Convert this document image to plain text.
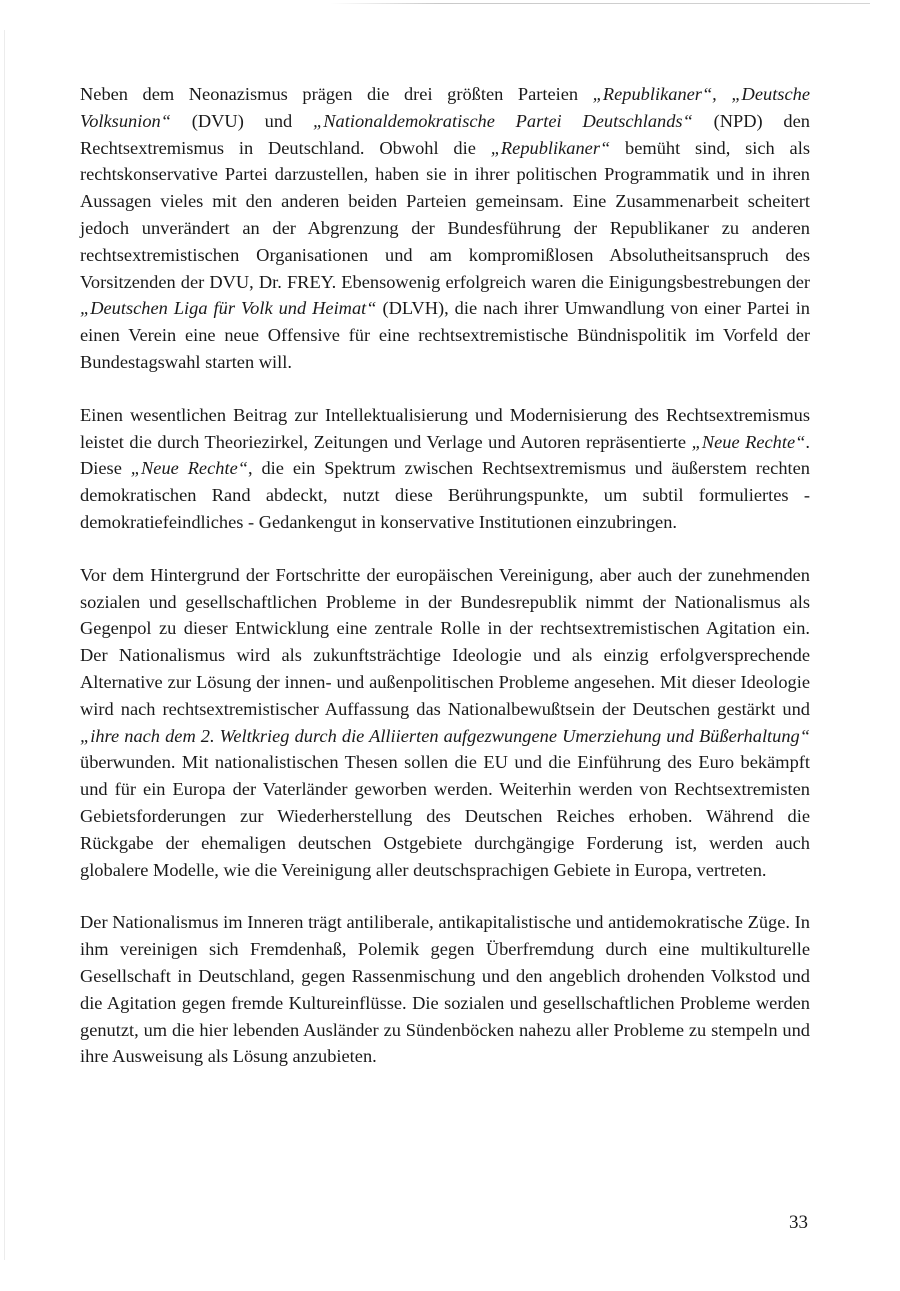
Neben dem Neonazismus prägen die drei größten Parteien „Republikaner“, „Deutsche Volksunion“ (DVU) und „Nationaldemokratische Partei Deutschlands“ (NPD) den Rechtsextremismus in Deutschland. Obwohl die „Republikaner“ bemüht sind, sich als rechtskonservative Partei darzustellen, haben sie in ihrer politischen Programmatik und in ihren Aussagen vieles mit den anderen beiden Parteien gemeinsam. Eine Zusammenarbeit scheitert jedoch unverändert an der Abgrenzung der Bundesführung der Republikaner zu anderen rechtsextremistischen Organisationen und am kompromißlosen Absolutheitsanspruch des Vorsitzenden der DVU, Dr. FREY. Ebensowenig erfolgreich waren die Einigungsbestrebungen der „Deutschen Liga für Volk und Heimat“ (DLVH), die nach ihrer Umwandlung von einer Partei in einen Verein eine neue Offensive für eine rechtsextremistische Bündnispolitik im Vorfeld der Bundestagswahl starten will.

Einen wesentlichen Beitrag zur Intellektualisierung und Modernisierung des Rechtsextremismus leistet die durch Theoriezirkel, Zeitungen und Verlage und Autoren repräsentierte „Neue Rechte“. Diese „Neue Rechte“, die ein Spektrum zwischen Rechtsextremismus und äußerstem rechten demokratischen Rand abdeckt, nutzt diese Berührungspunkte, um subtil formuliertes - demokratiefeindliches - Gedankengut in konservative Institutionen einzubringen.

Vor dem Hintergrund der Fortschritte der europäischen Vereinigung, aber auch der zunehmenden sozialen und gesellschaftlichen Probleme in der Bundesrepublik nimmt der Nationalismus als Gegenpol zu dieser Entwicklung eine zentrale Rolle in der rechtsextremistischen Agitation ein. Der Nationalismus wird als zukunftsträchtige Ideologie und als einzig erfolgversprechende Alternative zur Lösung der innen- und außenpolitischen Probleme angesehen. Mit dieser Ideologie wird nach rechtsextremistischer Auffassung das Nationalbewußtsein der Deutschen gestärkt und „ihre nach dem 2. Weltkrieg durch die Alliierten aufgezwungene Umerziehung und Büßerhaltung“ überwunden. Mit nationalistischen Thesen sollen die EU und die Einführung des Euro bekämpft und für ein Europa der Vaterländer geworben werden. Weiterhin werden von Rechtsextremisten Gebietsforderungen zur Wiederherstellung des Deutschen Reiches erhoben. Während die Rückgabe der ehemaligen deutschen Ostgebiete durchgängige Forderung ist, werden auch globalere Modelle, wie die Vereinigung aller deutschsprachigen Gebiete in Europa, vertreten.

Der Nationalismus im Inneren trägt antiliberale, antikapitalistische und antidemokratische Züge. In ihm vereinigen sich Fremdenhaß, Polemik gegen Überfremdung durch eine multikulturelle Gesellschaft in Deutschland, gegen Rassenmischung und den angeblich drohenden Volkstod und die Agitation gegen fremde Kultureinflüsse. Die sozialen und gesellschaftlichen Probleme werden genutzt, um die hier lebenden Ausländer zu Sündenböcken nahezu aller Probleme zu stempeln und ihre Ausweisung als Lösung anzubieten.

33
